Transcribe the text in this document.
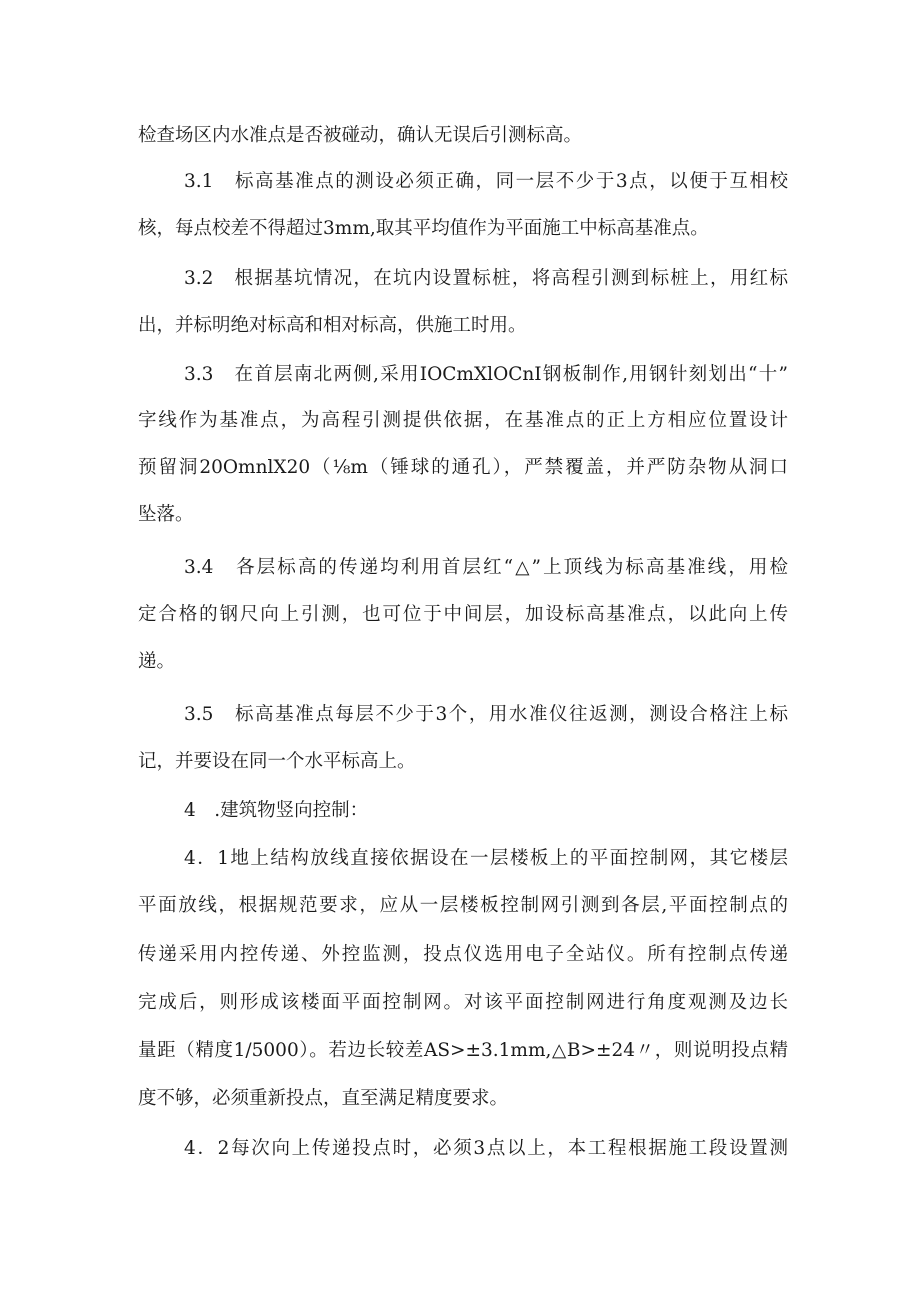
检查场区内水准点是否被碰动，确认无误后引测标高。
3.1　标高基准点的测设必须正确，同一层不少于3点，以便于互相校
核，每点校差不得超过3mm,取其平均值作为平面施工中标高基准点。
3.2　根据基坑情况，在坑内设置标桩，将高程引测到标桩上，用红标
出，并标明绝对标高和相对标高，供施工时用。
3.3　在首层南北两侧,采用IOCmXlOCnI钢板制作,用钢针刻划出“十”
字线作为基准点，为高程引测提供依据，在基准点的正上方相应位置设计
预留洞20OmnlX20（⅛m（锤球的通孔），严禁覆盖，并严防杂物从洞口
坠落。
3.4　各层标高的传递均利用首层红“△”上顶线为标高基准线，用检
定合格的钢尺向上引测，也可位于中间层，加设标高基准点，以此向上传
递。
3.5　标高基准点每层不少于3个，用水准仪往返测，测设合格注上标
记，并要设在同一个水平标高上。
4　.建筑物竖向控制：
4．1地上结构放线直接依据设在一层楼板上的平面控制网，其它楼层
平面放线，根据规范要求，应从一层楼板控制网引测到各层,平面控制点的
传递采用内控传递、外控监测，投点仪选用电子全站仪。所有控制点传递
完成后，则形成该楼面平面控制网。对该平面控制网进行角度观测及边长
量距（精度1/5000）。若边长较差AS>±3.1mm,△B>±24〃，则说明投点精
度不够，必须重新投点，直至满足精度要求。
4．2每次向上传递投点时，必须3点以上，本工程根据施工段设置测
